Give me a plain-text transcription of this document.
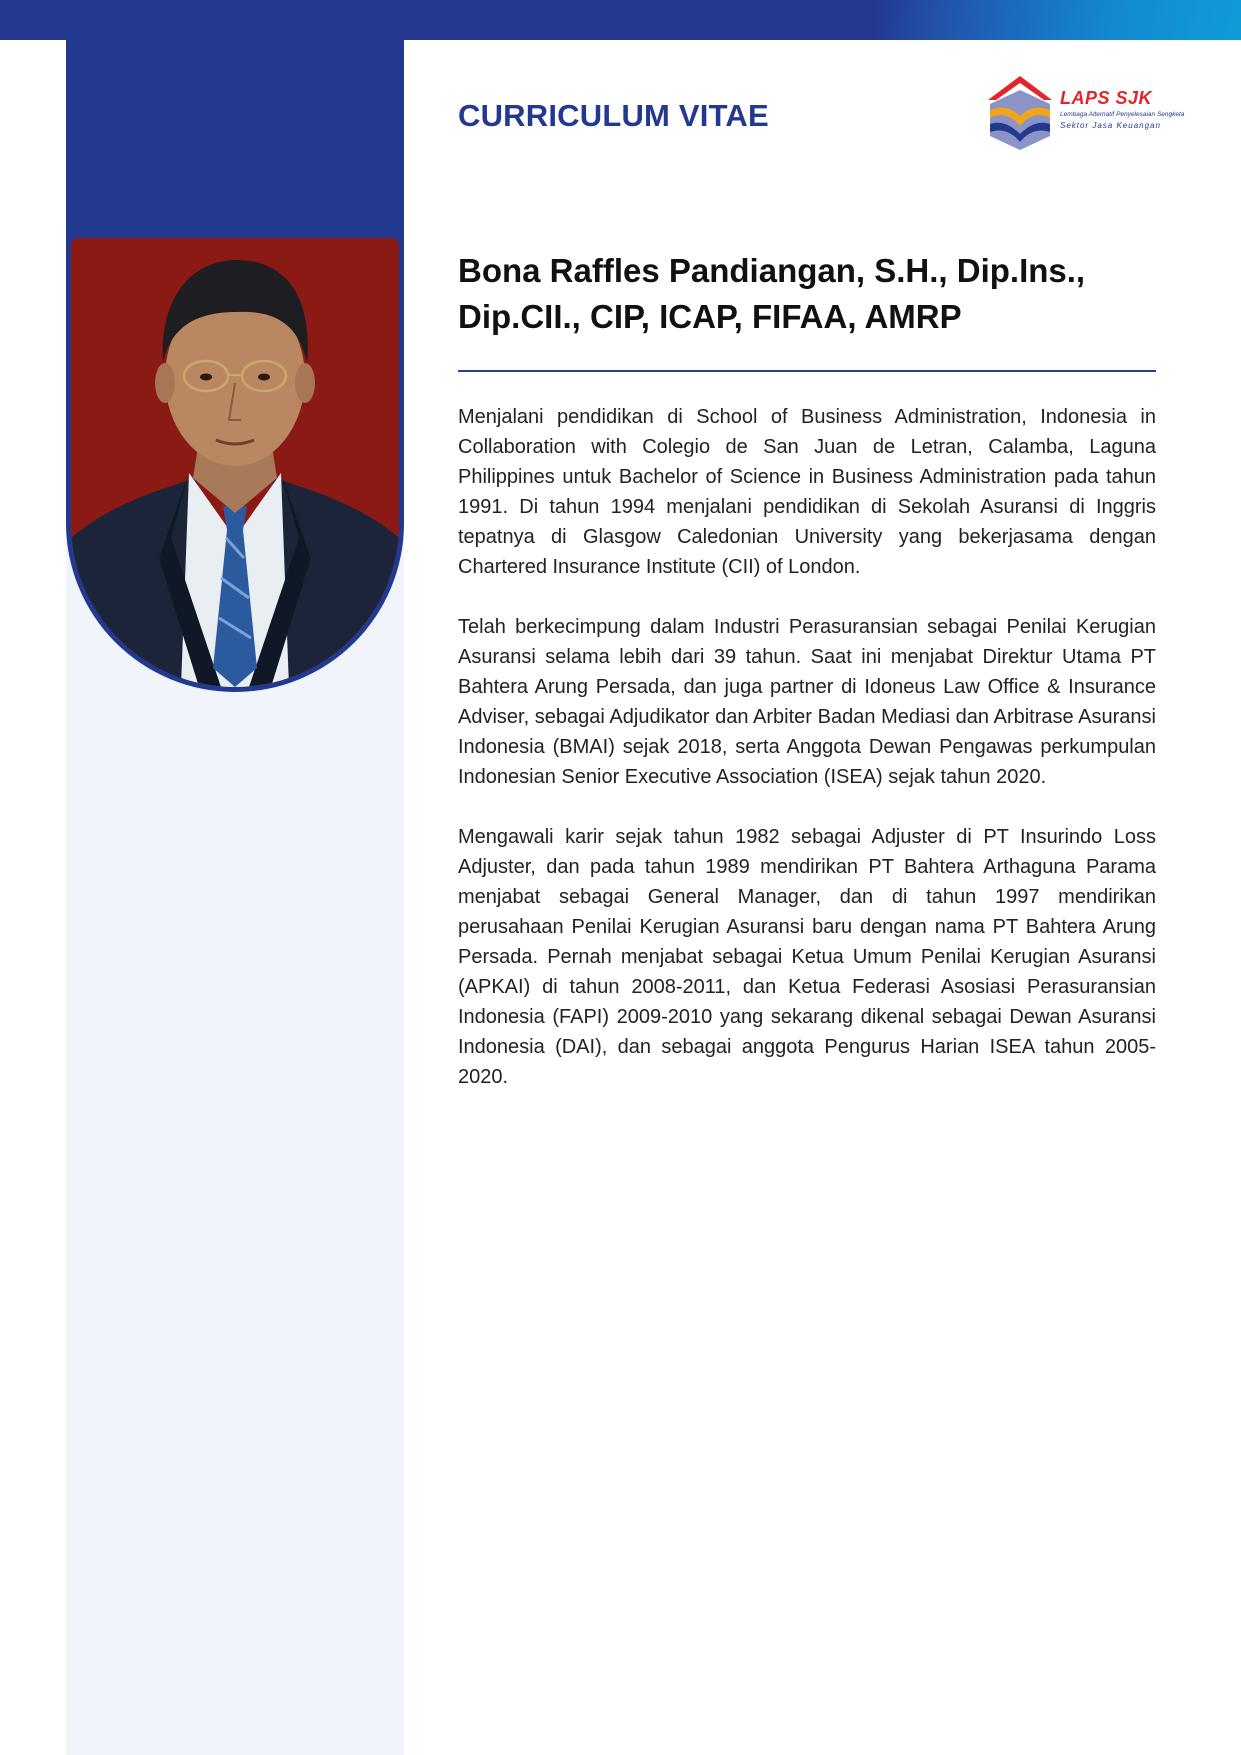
CURRICULUM VITAE	LAPS SJK
Lembaga Alternatif Penyelesaian Sengketa
Sektor Jasa Keuangan
Bona Raffles Pandiangan, S.H., Dip.Ins., Dip.CII., CIP, ICAP, FIFAA, AMRP

Menjalani pendidikan di School of Business Administration, Indonesia in Collaboration with Colegio de San Juan de Letran, Calamba, Laguna Philippines untuk Bachelor of Science in Business Administration pada tahun 1991. Di tahun 1994 menjalani pendidikan di Sekolah Asuransi di Inggris tepatnya di Glasgow Caledonian University yang bekerjasama dengan Chartered Insurance Institute (CII) of London.

Telah berkecimpung dalam Industri Perasuransian sebagai Penilai Kerugian Asuransi selama lebih dari 39 tahun. Saat ini menjabat Direktur Utama PT Bahtera Arung Persada, dan juga partner di Idoneus Law Office & Insurance Adviser, sebagai Adjudikator dan Arbiter Badan Mediasi dan Arbitrase Asuransi Indonesia (BMAI) sejak 2018, serta Anggota Dewan Pengawas perkumpulan Indonesian Senior Executive Association (ISEA) sejak tahun 2020.

Mengawali karir sejak tahun 1982 sebagai Adjuster di PT Insurindo Loss Adjuster, dan pada tahun 1989 mendirikan PT Bahtera Arthaguna Parama menjabat sebagai General Manager, dan di tahun 1997 mendirikan perusahaan Penilai Kerugian Asuransi baru dengan nama PT Bahtera Arung Persada. Pernah menjabat sebagai Ketua Umum Penilai Kerugian Asuransi (APKAI) di tahun 2008-2011, dan Ketua Federasi Asosiasi Perasuransian Indonesia (FAPI) 2009-2010 yang sekarang dikenal sebagai Dewan Asuransi Indonesia (DAI), dan sebagai anggota Pengurus Harian ISEA tahun 2005-2020.
